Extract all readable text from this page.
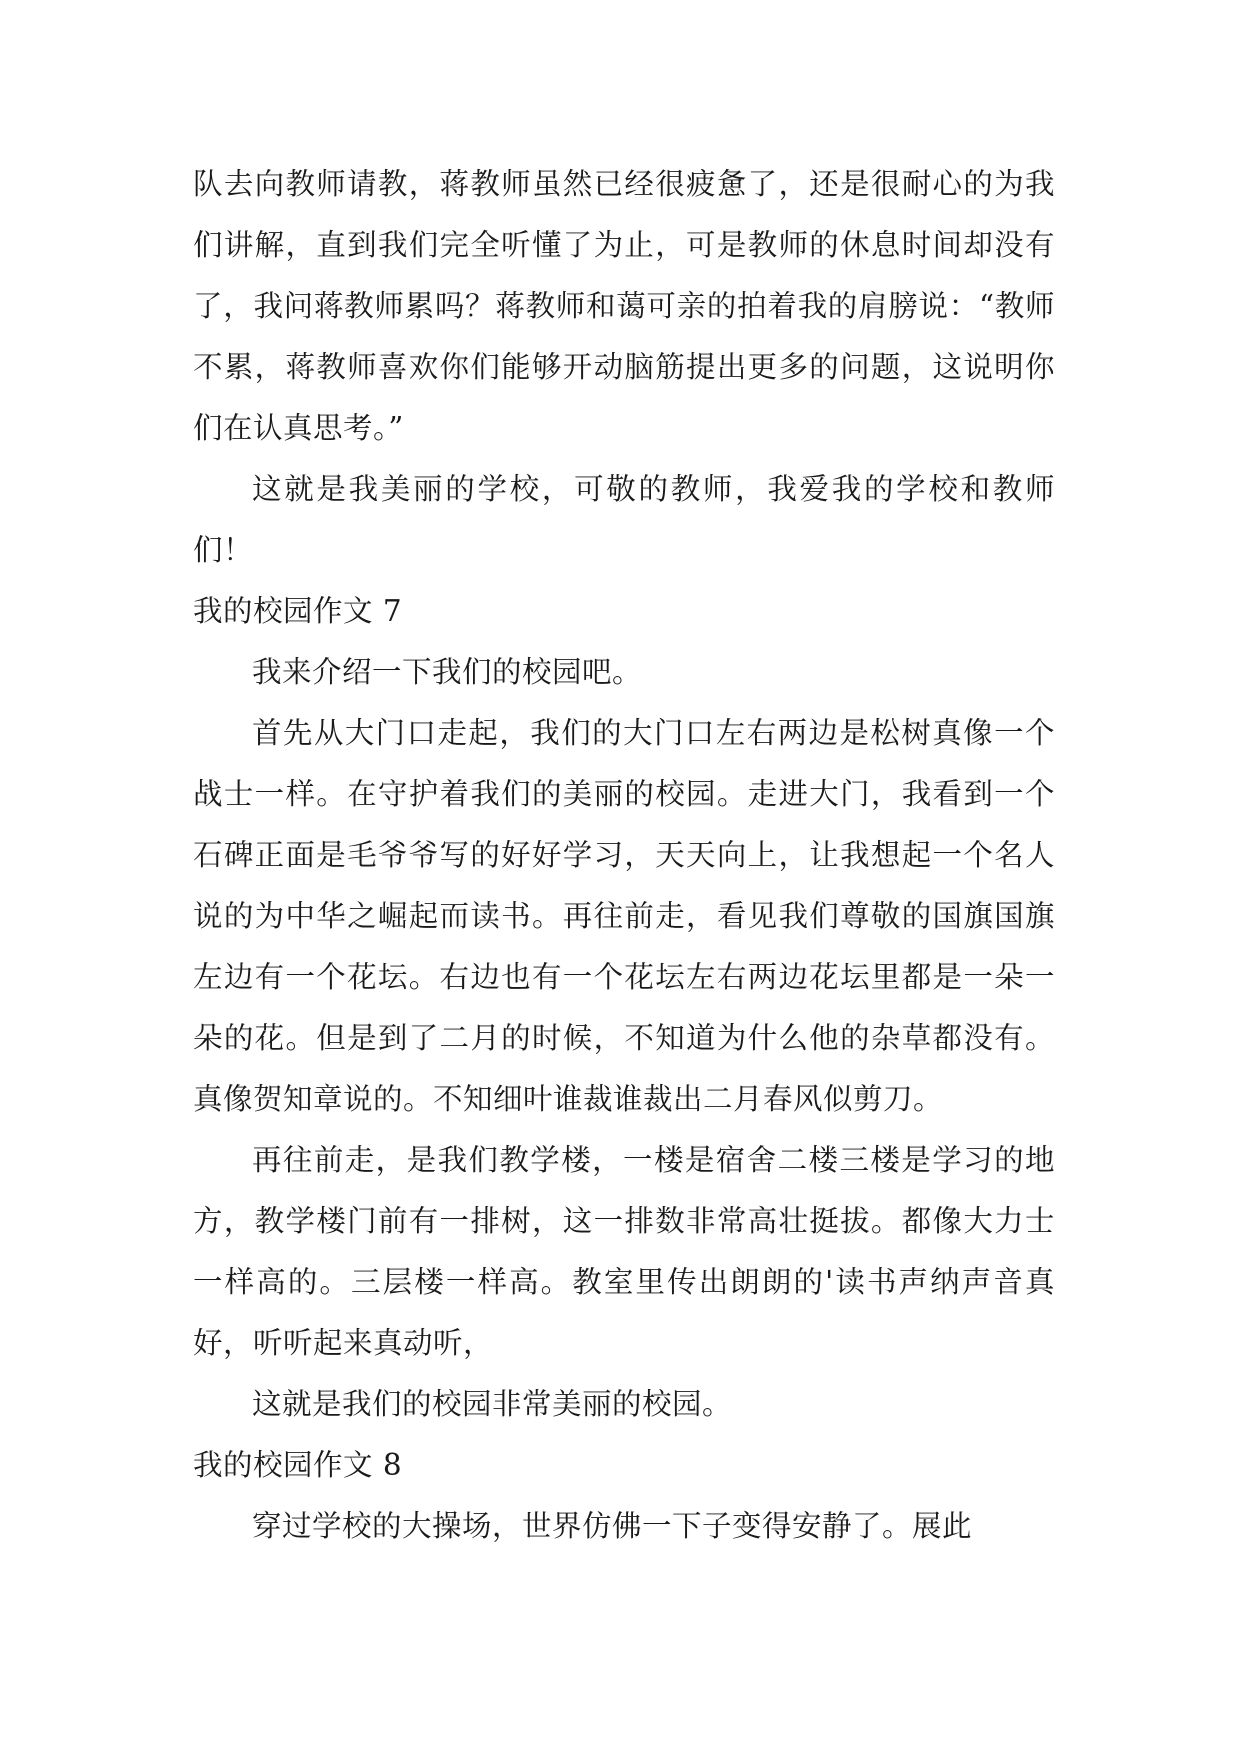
队去向教师请教，蒋教师虽然已经很疲惫了，还是很耐心的为我们讲解，直到我们完全听懂了为止，可是教师的休息时间却没有了，我问蒋教师累吗？蒋教师和蔼可亲的拍着我的肩膀说：“教师不累，蒋教师喜欢你们能够开动脑筋提出更多的问题，这说明你们在认真思考。”

这就是我美丽的学校，可敬的教师，我爱我的学校和教师们！

我的校园作文 7

我来介绍一下我们的校园吧。

首先从大门口走起，我们的大门口左右两边是松树真像一个战士一样。在守护着我们的美丽的校园。走进大门，我看到一个石碑正面是毛爷爷写的好好学习，天天向上，让我想起一个名人说的为中华之崛起而读书。再往前走，看见我们尊敬的国旗国旗左边有一个花坛。右边也有一个花坛左右两边花坛里都是一朵一朵的花。但是到了二月的时候，不知道为什么他的杂草都没有。真像贺知章说的。不知细叶谁裁谁裁出二月春风似剪刀。

再往前走，是我们教学楼，一楼是宿舍二楼三楼是学习的地方，教学楼门前有一排树，这一排数非常高壮挺拔。都像大力士一样高的。三层楼一样高。教室里传出朗朗的'读书声纳声音真好，听听起来真动听，

这就是我们的校园非常美丽的校园。

我的校园作文 8

穿过学校的大操场，世界仿佛一下子变得安静了。展此
